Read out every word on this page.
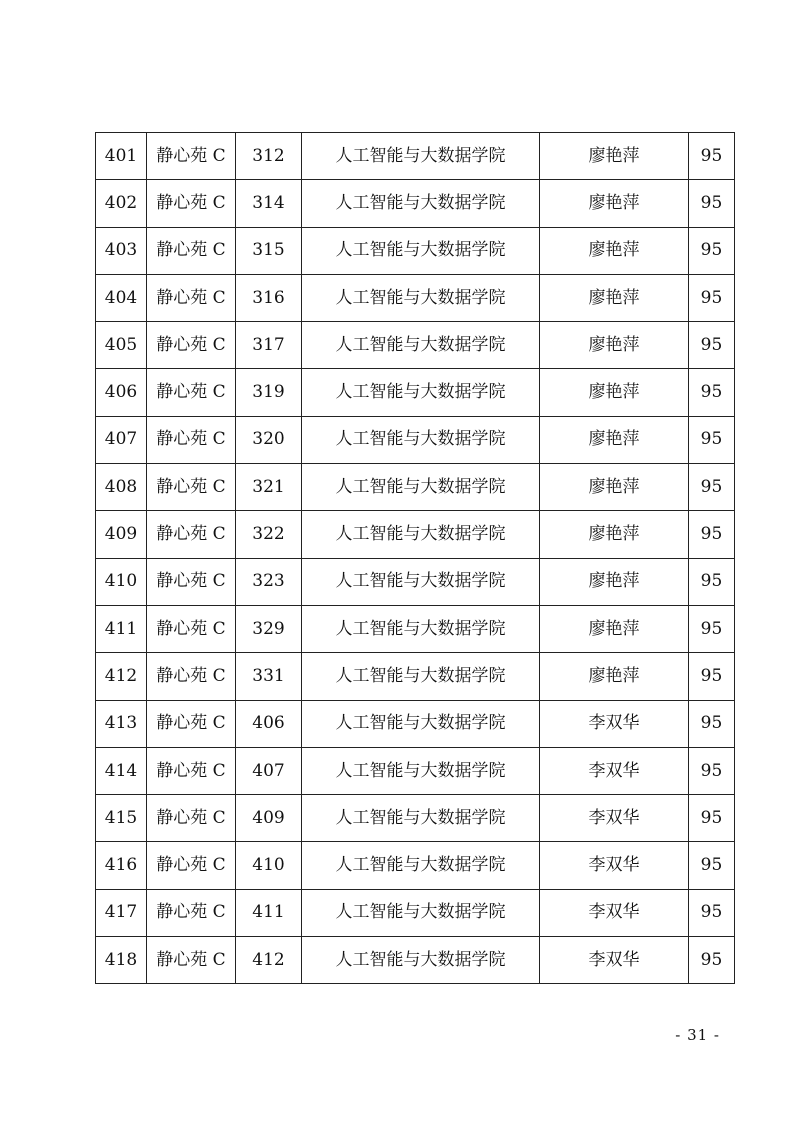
401	静心苑 C	312	人工智能与大数据学院	廖艳萍	95
402	静心苑 C	314	人工智能与大数据学院	廖艳萍	95
403	静心苑 C	315	人工智能与大数据学院	廖艳萍	95
404	静心苑 C	316	人工智能与大数据学院	廖艳萍	95
405	静心苑 C	317	人工智能与大数据学院	廖艳萍	95
406	静心苑 C	319	人工智能与大数据学院	廖艳萍	95
407	静心苑 C	320	人工智能与大数据学院	廖艳萍	95
408	静心苑 C	321	人工智能与大数据学院	廖艳萍	95
409	静心苑 C	322	人工智能与大数据学院	廖艳萍	95
410	静心苑 C	323	人工智能与大数据学院	廖艳萍	95
411	静心苑 C	329	人工智能与大数据学院	廖艳萍	95
412	静心苑 C	331	人工智能与大数据学院	廖艳萍	95
413	静心苑 C	406	人工智能与大数据学院	李双华	95
414	静心苑 C	407	人工智能与大数据学院	李双华	95
415	静心苑 C	409	人工智能与大数据学院	李双华	95
416	静心苑 C	410	人工智能与大数据学院	李双华	95
417	静心苑 C	411	人工智能与大数据学院	李双华	95
418	静心苑 C	412	人工智能与大数据学院	李双华	95
- 31 -
